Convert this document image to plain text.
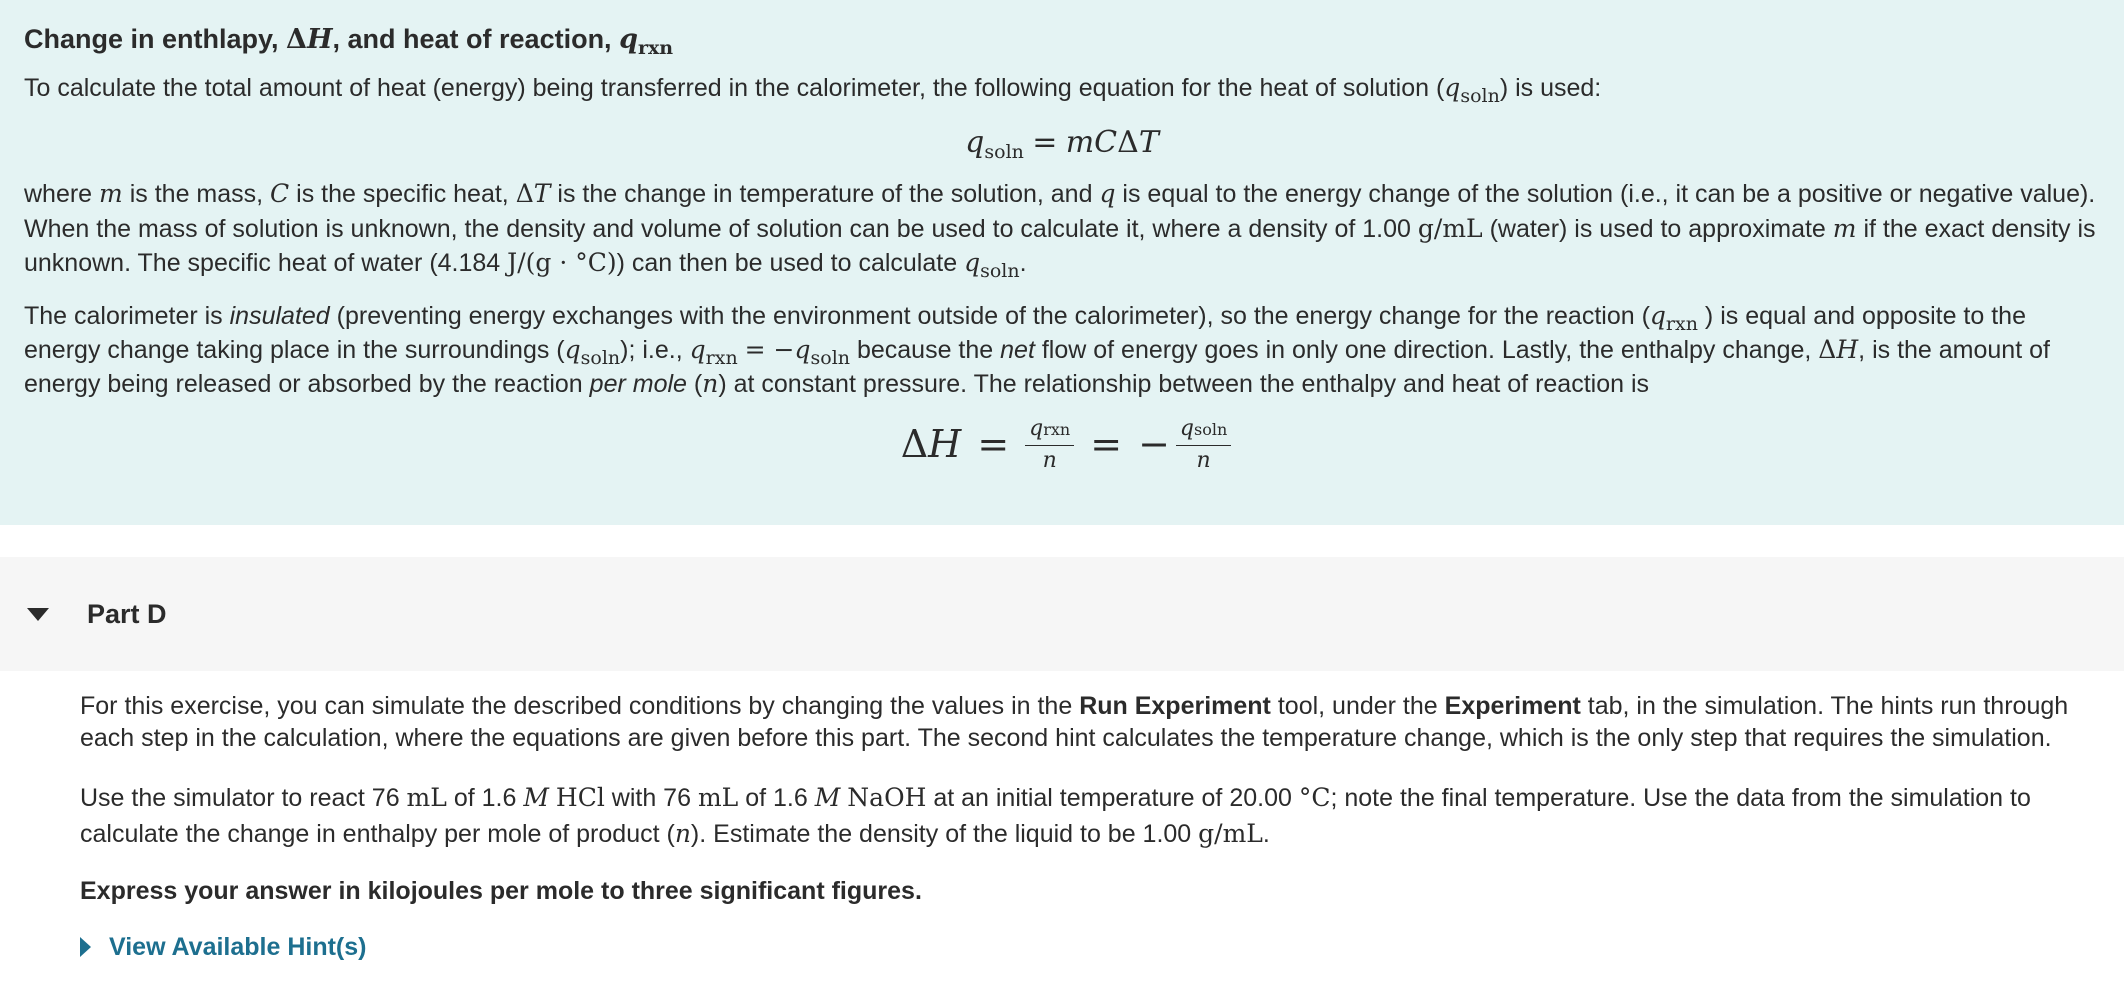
Change in enthlapy, ΔH, and heat of reaction, $q_{rxn}$

To calculate the total amount of heat (energy) being transferred in the calorimeter, the following equation for the heat of solution $(q_{soln})$ is used:

$q_{soln} = mC\Delta T$

where m is the mass, C is the specific heat, ΔT is the change in temperature of the solution, and q is equal to the energy change of the solution (i.e., it can be a positive or negative value). When the mass of solution is unknown, the density and volume of solution can be used to calculate it, where a density of 1.00 g/mL (water) is used to approximate m if the exact density is unknown. The specific heat of water (4.184 J/(g · °C)) can then be used to calculate $q_{soln}$.

The calorimeter is insulated (preventing energy exchanges with the environment outside of the calorimeter), so the energy change for the reaction ($q_{rxn}$ ) is equal and opposite to the energy change taking place in the surroundings $(q_{soln})$; i.e., $q_{rxn} = -q_{soln}$ because the net flow of energy goes in only one direction. Lastly, the enthalpy change, ΔH, is the amount of energy being released or absorbed by the reaction per mole (n) at constant pressure. The relationship between the enthalpy and heat of reaction is

Δ $H = \frac{\text{qrxn}}{n}$ = − $\frac{\text{qsoln}}{n}$
Part D

For this exercise, you can simulate the described conditions by changing the values in the Run Experiment tool, under the Experiment tab, in the simulation. The hints run through each step in the calculation, where the equations are given before this part. The second hint calculates the temperature change, which is the only step that requires the simulation.

Use the simulator to react 76 mL of 1.6 M HCl with 76 mL of 1.6 M NaOH at an initial temperature of 20.00 °C; note the final temperature. Use the data from the simulation to calculate the change in enthalpy per mole of product (n). Estimate the density of the liquid to be 1.00 g/mL.

Express your answer in kilojoules per mole to three significant figures.

View Available Hint(s)
